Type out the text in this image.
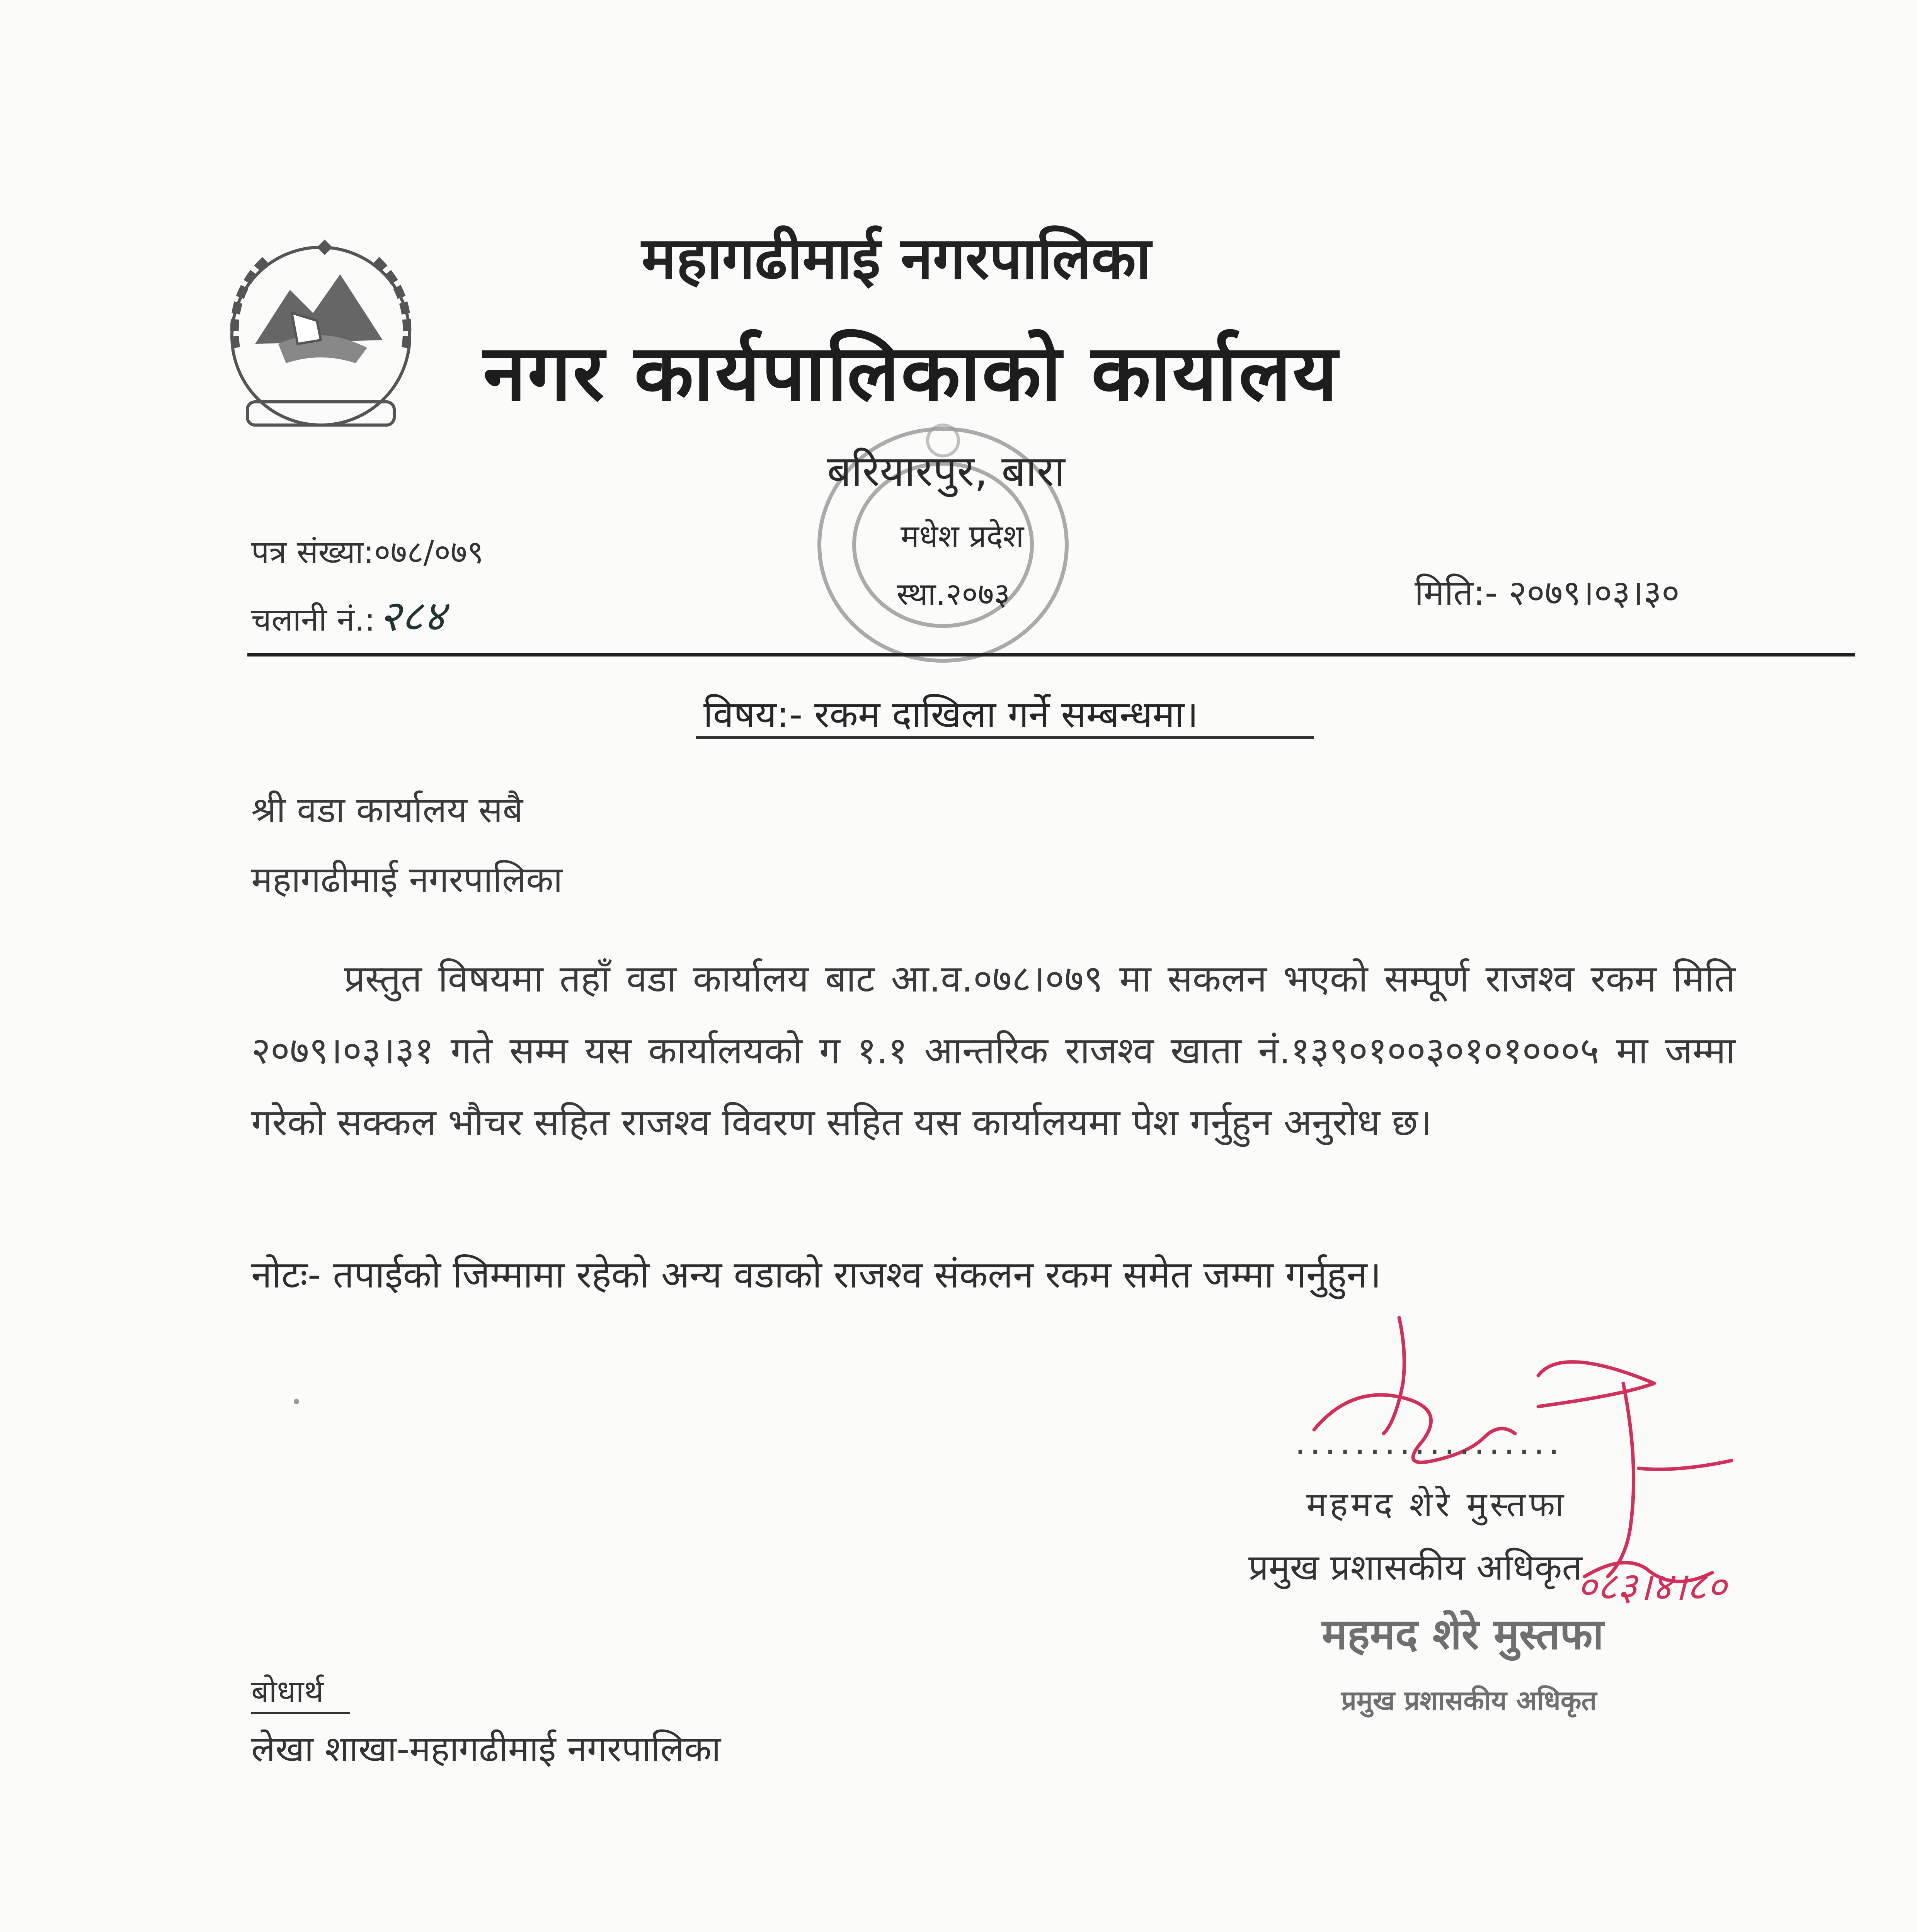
महागढीमाई नगरपालिका
नगर कार्यपालिकाको कार्यालय
बरियारपुर, बारा
मधेश प्रदेश
स्था.२०७३
पत्र संख्या:०७८/०७९
चलानी नं.:२८४	मिति:- २०७९।०३।३०
विषय:- रकम दाखिला गर्ने सम्बन्धमा।
श्री वडा कार्यालय सबै
महागढीमाई नगरपालिका
प्रस्तुत विषयमा तहाँ वडा कार्यालय बाट आ.व.०७८।०७९ मा सकलन भएको सम्पूर्ण राजश्व रकम मिति २०७९।०३।३१ गते सम्म यस कार्यालयको ग १.१ आन्तरिक राजश्व खाता नं.१३९०१००३०१०१०००५ मा जम्मा गरेको सक्कल भौचर सहित राजश्व विवरण सहित यस कार्यालयमा पेश गर्नुहुन अनुरोध छ।
नोटः- तपाईको जिम्मामा रहेको अन्य वडाको राजश्व संकलन रकम समेत जम्मा गर्नुहुन।
०८३।४।८०
..................
महमद शेरे मुस्तफा
प्रमुख प्रशासकीय अधिकृत
महमद शेरे मुस्तफा
प्रमुख प्रशासकीय अधिकृत
बोधार्थ
लेखा शाखा-महागढीमाई नगरपालिका
